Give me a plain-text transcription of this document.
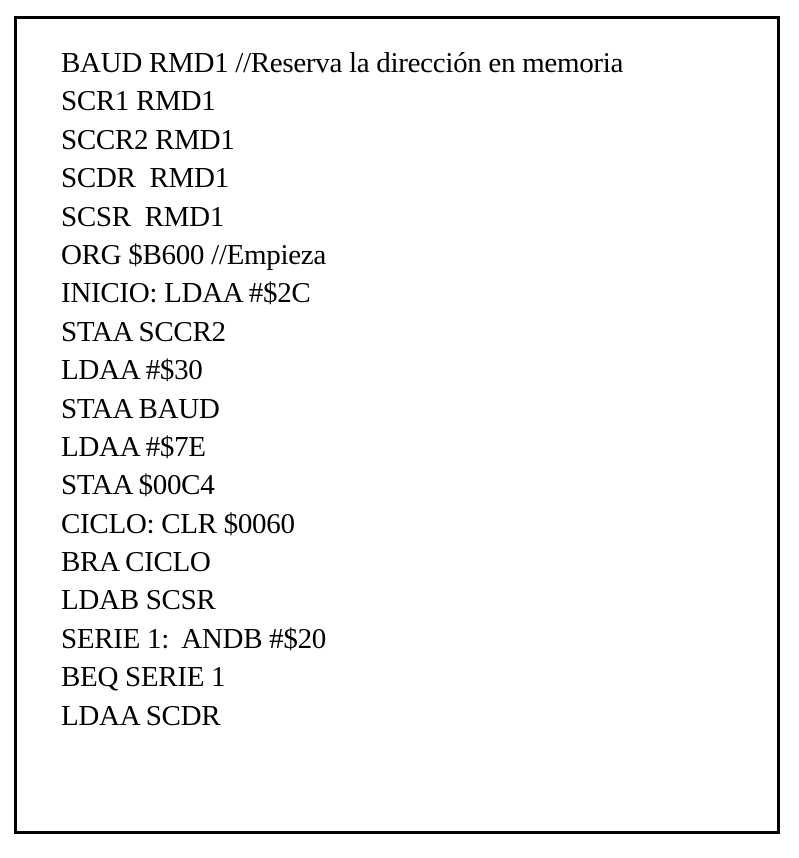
BAUD RMD1 //Reserva la dirección en memoria
SCR1 RMD1
SCCR2 RMD1
SCDR  RMD1
SCSR  RMD1
ORG $B600 //Empieza
INICIO: LDAA #$2C
STAA SCCR2
LDAA #$30
STAA BAUD
LDAA #$7E
STAA $00C4
CICLO: CLR $0060
BRA CICLO
LDAB SCSR
SERIE 1:  ANDB #$20
BEQ SERIE 1
LDAA SCDR
